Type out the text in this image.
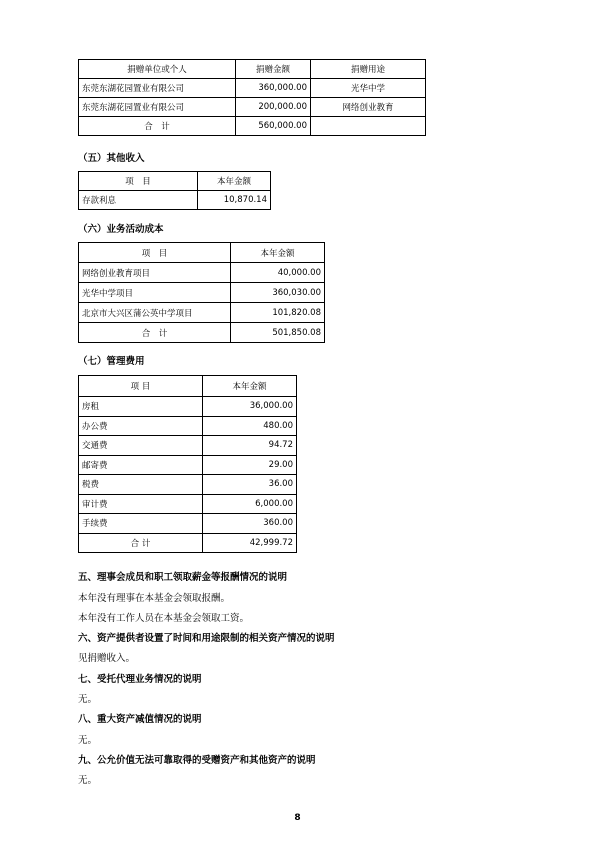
捐赠单位或个人	捐赠金额	捐赠用途
东莞东湖花园置业有限公司	360,000.00	光华中学
东莞东湖花园置业有限公司	200,000.00	网络创业教育
合　计	560,000.00	
（五）其他收入
项　目	本年金额
存款利息	10,870.14
（六）业务活动成本
项　目	本年金额
网络创业教育项目	40,000.00
光华中学项目	360,030.00
北京市大兴区蒲公英中学项目	101,820.08
合　计	501,850.08
（七）管理费用
项 目	本年金额
房租	36,000.00
办公费	480.00
交通费	94.72
邮寄费	29.00
税费	36.00
审计费	6,000.00
手续费	360.00
合 计	42,999.72
五、理事会成员和职工领取薪金等报酬情况的说明
本年没有理事在本基金会领取报酬。
本年没有工作人员在本基金会领取工资。
六、资产提供者设置了时间和用途限制的相关资产情况的说明
见捐赠收入。
七、受托代理业务情况的说明
无。
八、重大资产减值情况的说明
无。
九、公允价值无法可靠取得的受赠资产和其他资产的说明
无。
8
